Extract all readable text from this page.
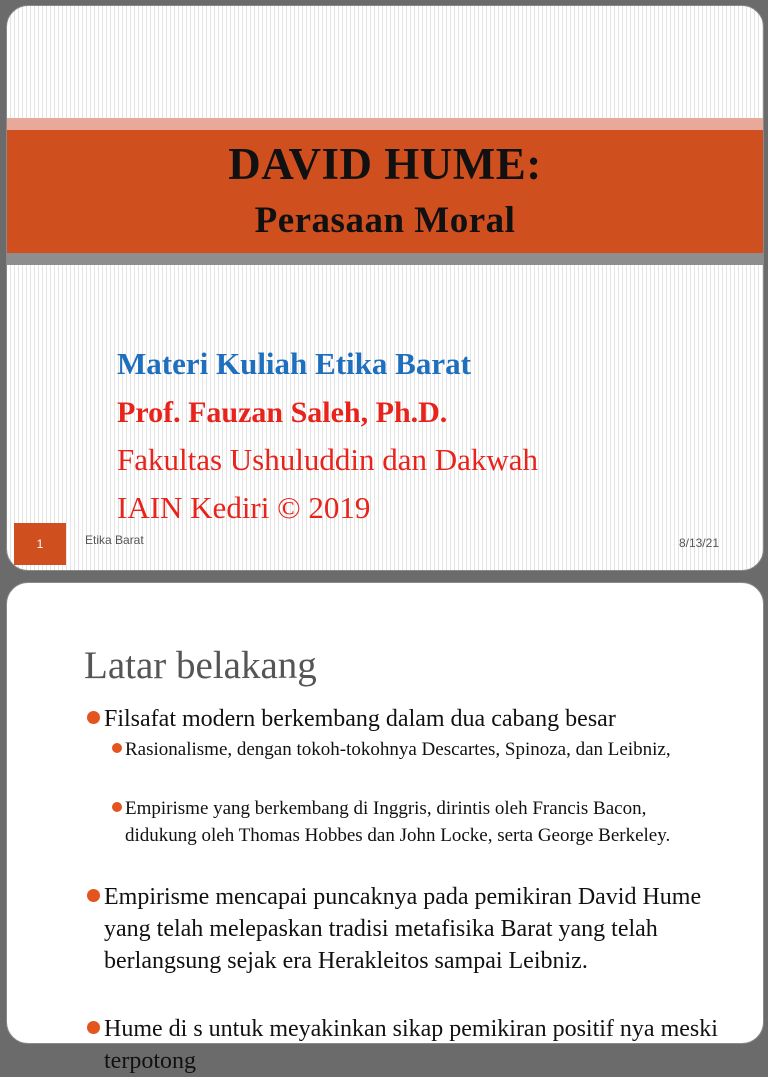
DAVID HUME:
Perasaan Moral
Materi Kuliah Etika Barat
Prof. Fauzan Saleh, Ph.D.
Fakultas Ushuluddin dan Dakwah
IAIN Kediri © 2019
1	Etika Barat	8/13/21
Latar belakang
Filsafat modern berkembang dalam dua cabang besar
Rasionalisme, dengan tokoh-tokohnya Descartes, Spinoza, dan Leibniz,
Empirisme yang berkembang di Inggris, dirintis oleh Francis Bacon, didukung oleh Thomas Hobbes dan John Locke, serta George Berkeley.
Empirisme mencapai puncaknya pada pemikiran David Hume yang telah melepaskan tradisi metafisika Barat yang telah berlangsung sejak era Herakleitos sampai Leibniz.
Hume di s untuk meyakinkan sikap pemikiran positif nya meski terpotong
